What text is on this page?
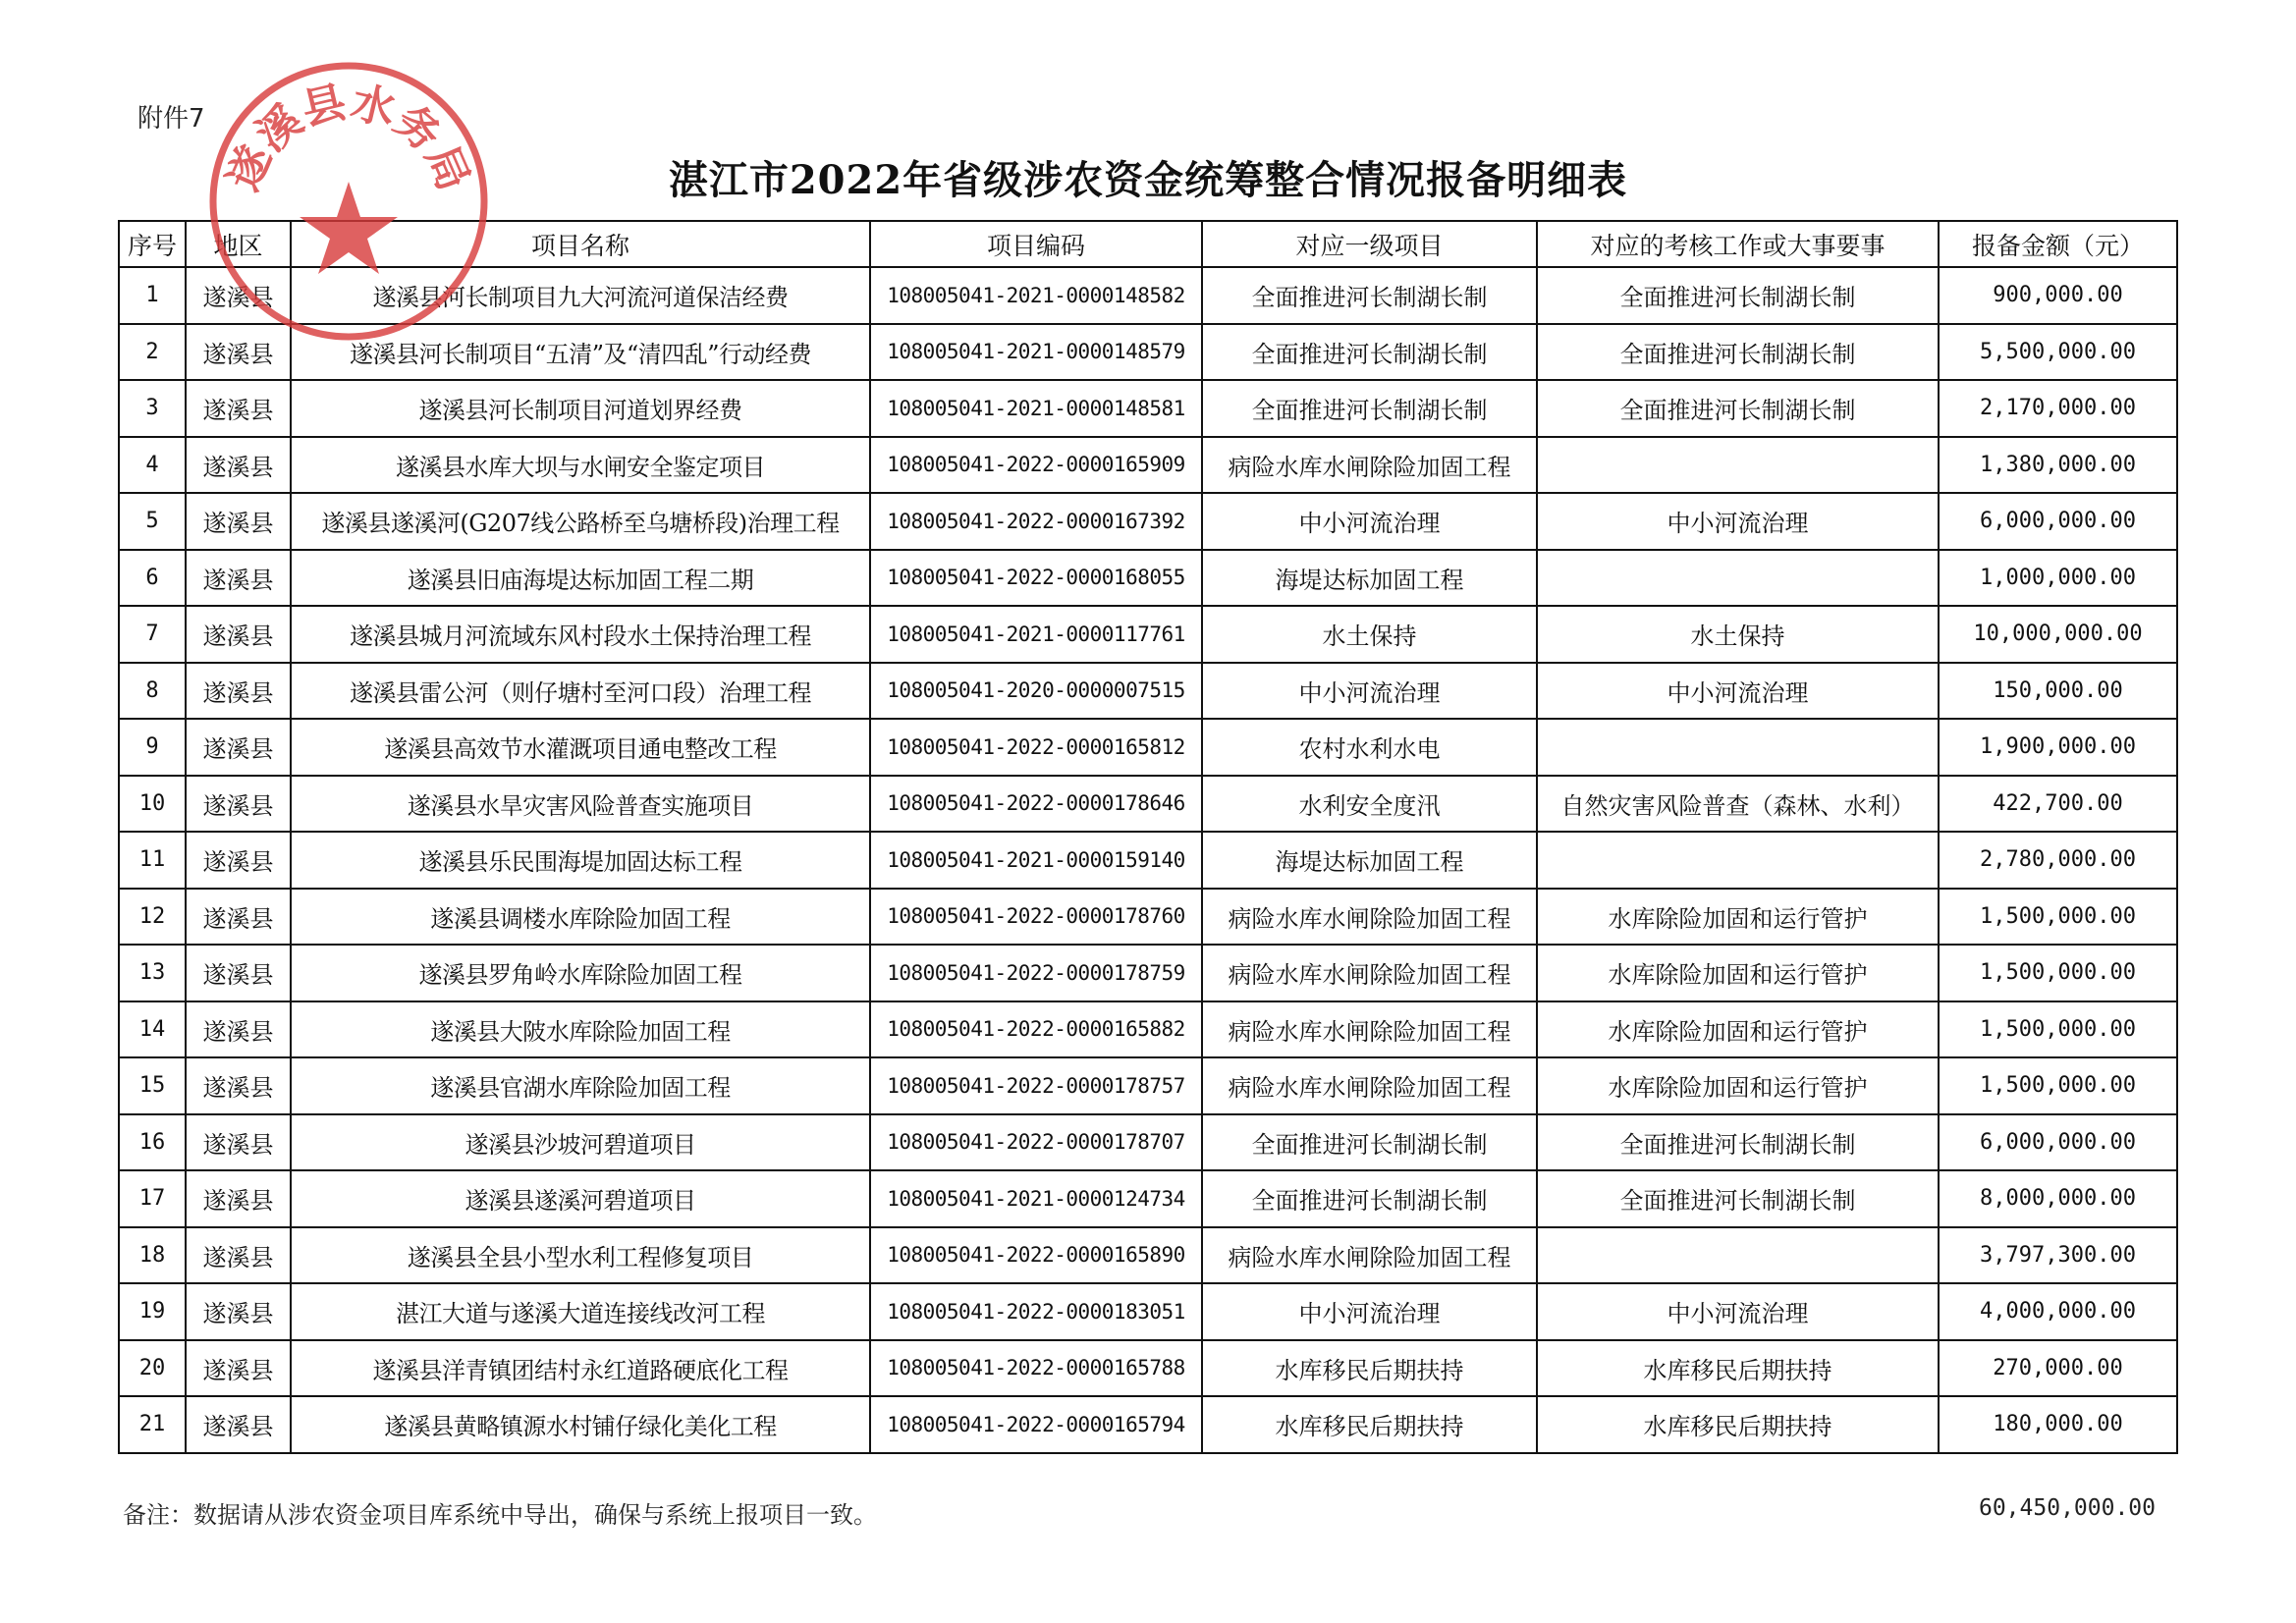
附件7
湛江市2022年省级涉农资金统筹整合情况报备明细表
序号	地区	项目名称	项目编码	对应一级项目	对应的考核工作或大事要事	报备金额（元）
1	遂溪县	遂溪县河长制项目九大河流河道保洁经费	108005041-2021-0000148582	全面推进河长制湖长制	全面推进河长制湖长制	900,000.00
2	遂溪县	遂溪县河长制项目“五清”及“清四乱”行动经费	108005041-2021-0000148579	全面推进河长制湖长制	全面推进河长制湖长制	5,500,000.00
3	遂溪县	遂溪县河长制项目河道划界经费	108005041-2021-0000148581	全面推进河长制湖长制	全面推进河长制湖长制	2,170,000.00
4	遂溪县	遂溪县水库大坝与水闸安全鉴定项目	108005041-2022-0000165909	病险水库水闸除险加固工程		1,380,000.00
5	遂溪县	遂溪县遂溪河(G207线公路桥至乌塘桥段)治理工程	108005041-2022-0000167392	中小河流治理	中小河流治理	6,000,000.00
6	遂溪县	遂溪县旧庙海堤达标加固工程二期	108005041-2022-0000168055	海堤达标加固工程		1,000,000.00
7	遂溪县	遂溪县城月河流域东风村段水土保持治理工程	108005041-2021-0000117761	水土保持	水土保持	10,000,000.00
8	遂溪县	遂溪县雷公河（则仔塘村至河口段）治理工程	108005041-2020-0000007515	中小河流治理	中小河流治理	150,000.00
9	遂溪县	遂溪县高效节水灌溉项目通电整改工程	108005041-2022-0000165812	农村水利水电		1,900,000.00
10	遂溪县	遂溪县水旱灾害风险普查实施项目	108005041-2022-0000178646	水利安全度汛	自然灾害风险普查（森林、水利）	422,700.00
11	遂溪县	遂溪县乐民围海堤加固达标工程	108005041-2021-0000159140	海堤达标加固工程		2,780,000.00
12	遂溪县	遂溪县调楼水库除险加固工程	108005041-2022-0000178760	病险水库水闸除险加固工程	水库除险加固和运行管护	1,500,000.00
13	遂溪县	遂溪县罗角岭水库除险加固工程	108005041-2022-0000178759	病险水库水闸除险加固工程	水库除险加固和运行管护	1,500,000.00
14	遂溪县	遂溪县大陂水库除险加固工程	108005041-2022-0000165882	病险水库水闸除险加固工程	水库除险加固和运行管护	1,500,000.00
15	遂溪县	遂溪县官湖水库除险加固工程	108005041-2022-0000178757	病险水库水闸除险加固工程	水库除险加固和运行管护	1,500,000.00
16	遂溪县	遂溪县沙坡河碧道项目	108005041-2022-0000178707	全面推进河长制湖长制	全面推进河长制湖长制	6,000,000.00
17	遂溪县	遂溪县遂溪河碧道项目	108005041-2021-0000124734	全面推进河长制湖长制	全面推进河长制湖长制	8,000,000.00
18	遂溪县	遂溪县全县小型水利工程修复项目	108005041-2022-0000165890	病险水库水闸除险加固工程		3,797,300.00
19	遂溪县	湛江大道与遂溪大道连接线改河工程	108005041-2022-0000183051	中小河流治理	中小河流治理	4,000,000.00
20	遂溪县	遂溪县洋青镇团结村永红道路硬底化工程	108005041-2022-0000165788	水库移民后期扶持	水库移民后期扶持	270,000.00
21	遂溪县	遂溪县黄略镇源水村铺仔绿化美化工程	108005041-2022-0000165794	水库移民后期扶持	水库移民后期扶持	180,000.00
遂溪县水务局
备注：数据请从涉农资金项目库系统中导出，确保与系统上报项目一致。	60,450,000.00
